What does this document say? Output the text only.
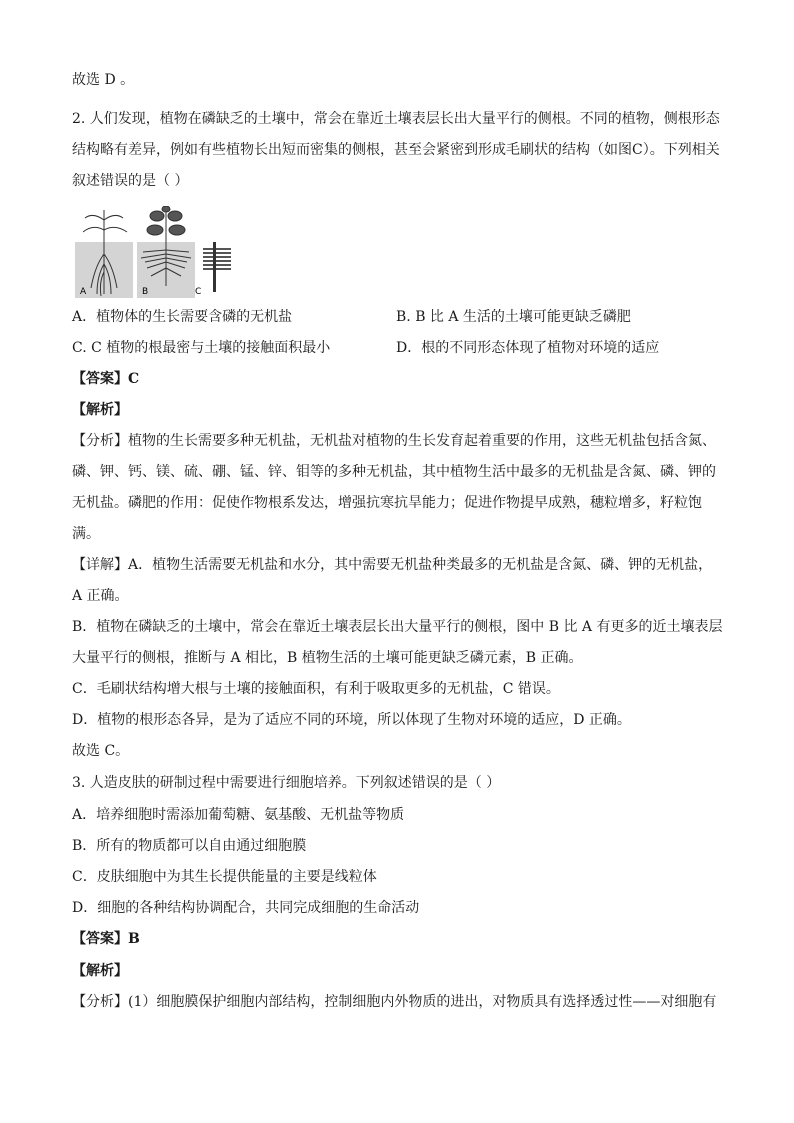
故选 D 。

2. 人们发现，植物在磷缺乏的土壤中，常会在靠近土壤表层长出大量平行的侧根。不同的植物，侧根形态

结构略有差异，例如有些植物长出短而密集的侧根，甚至会紧密到形成毛刷状的结构（如图C）。下列相关

叙述错误的是（ ）

A	B	C
A．植物体的生长需要含磷的无机盐	B. B 比 A 生活的土壤可能更缺乏磷肥
C. C 植物的根最密与土壤的接触面积最小	D．根的不同形态体现了植物对环境的适应

【答案】C

【解析】

【分析】植物的生长需要多种无机盐，无机盐对植物的生长发育起着重要的作用，这些无机盐包括含氮、

磷、钾、钙、镁、硫、硼、锰、锌、钼等的多种无机盐，其中植物生活中最多的无机盐是含氮、磷、钾的

无机盐。磷肥的作用：促使作物根系发达，增强抗寒抗旱能力；促进作物提早成熟，穗粒增多，籽粒饱

满。

【详解】A．植物生活需要无机盐和水分，其中需要无机盐种类最多的无机盐是含氮、磷、钾的无机盐，

A 正确。

B．植物在磷缺乏的土壤中，常会在靠近土壤表层长出大量平行的侧根，图中 B 比 A 有更多的近土壤表层

大量平行的侧根，推断与 A 相比，B 植物生活的土壤可能更缺乏磷元素，B 正确。

C．毛刷状结构增大根与土壤的接触面积，有利于吸取更多的无机盐，C 错误。

D．植物的根形态各异，是为了适应不同的环境，所以体现了生物对环境的适应，D 正确。

故选 C。

3. 人造皮肤的研制过程中需要进行细胞培养。下列叙述错误的是（ ）

A．培养细胞时需添加葡萄糖、氨基酸、无机盐等物质

B．所有的物质都可以自由通过细胞膜

C．皮肤细胞中为其生长提供能量的主要是线粒体

D．细胞的各种结构协调配合，共同完成细胞的生命活动

【答案】B

【解析】

【分析】(1）细胞膜保护细胞内部结构，控制细胞内外物质的进出，对物质具有选择透过性——对细胞有
